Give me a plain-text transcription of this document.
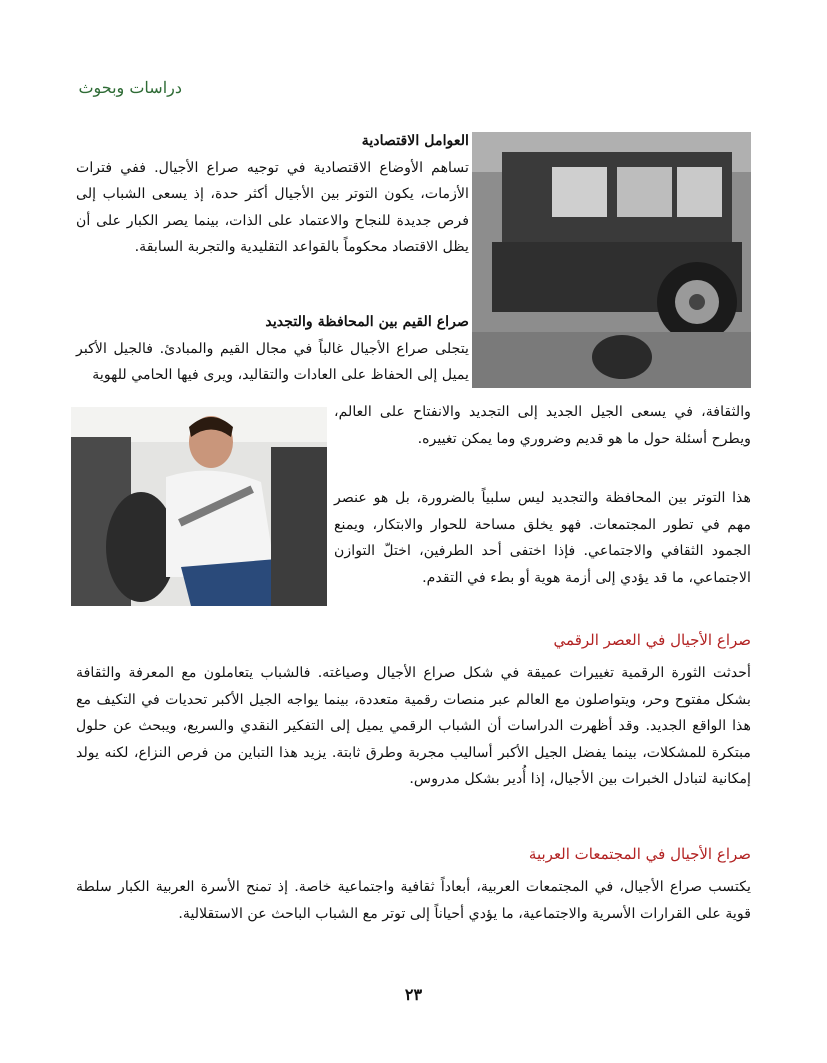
دراسات وبحوث
العوامل الاقتصادية
تساهم الأوضاع الاقتصادية في توجيه صراع الأجيال. ففي فترات الأزمات، يكون التوتر بين الأجيال أكثر حدة، إذ يسعى الشباب إلى فرص جديدة للنجاح والاعتماد على الذات، بينما يصر الكبار على أن يظل الاقتصاد محكوماً بالقواعد التقليدية والتجربة السابقة.
صراع القيم بين المحافظة والتجديد
يتجلى صراع الأجيال غالباً في مجال القيم والمبادئ. فالجيل الأكبر يميل إلى الحفاظ على العادات والتقاليد، ويرى فيها الحامي للهوية
والثقافة، في يسعى الجيل الجديد إلى التجديد والانفتاح على العالم، ويطرح أسئلة حول ما هو قديم وضروري وما يمكن تغييره.
هذا التوتر بين المحافظة والتجديد ليس سلبياً بالضرورة، بل هو عنصر مهم في تطور المجتمعات. فهو يخلق مساحة للحوار والابتكار، ويمنع الجمود الثقافي والاجتماعي. فإذا اختفى أحد الطرفين، اختلّ التوازن الاجتماعي، ما قد يؤدي إلى أزمة هوية أو بطء في التقدم.
صراع الأجيال في العصر الرقمي
أحدثت الثورة الرقمية تغييرات عميقة في شكل صراع الأجيال وصياغته. فالشباب يتعاملون مع المعرفة والثقافة بشكل مفتوح وحر، ويتواصلون مع العالم عبر منصات رقمية متعددة، بينما يواجه الجيل الأكبر تحديات في التكيف مع هذا الواقع الجديد. وقد أظهرت الدراسات أن الشباب الرقمي يميل إلى التفكير النقدي والسريع، ويبحث عن حلول مبتكرة للمشكلات، بينما يفضل الجيل الأكبر أساليب مجربة وطرق ثابتة. يزيد هذا التباين من فرص النزاع، لكنه يولد إمكانية لتبادل الخبرات بين الأجيال، إذا أُدير بشكل مدروس.
صراع الأجيال في المجتمعات العربية
يكتسب صراع الأجيال، في المجتمعات العربية، أبعاداً ثقافية واجتماعية خاصة. إذ تمنح الأسرة العربية الكبار سلطة قوية على القرارات الأسرية والاجتماعية، ما يؤدي أحياناً إلى توتر مع الشباب الباحث عن الاستقلالية.
٢٣
